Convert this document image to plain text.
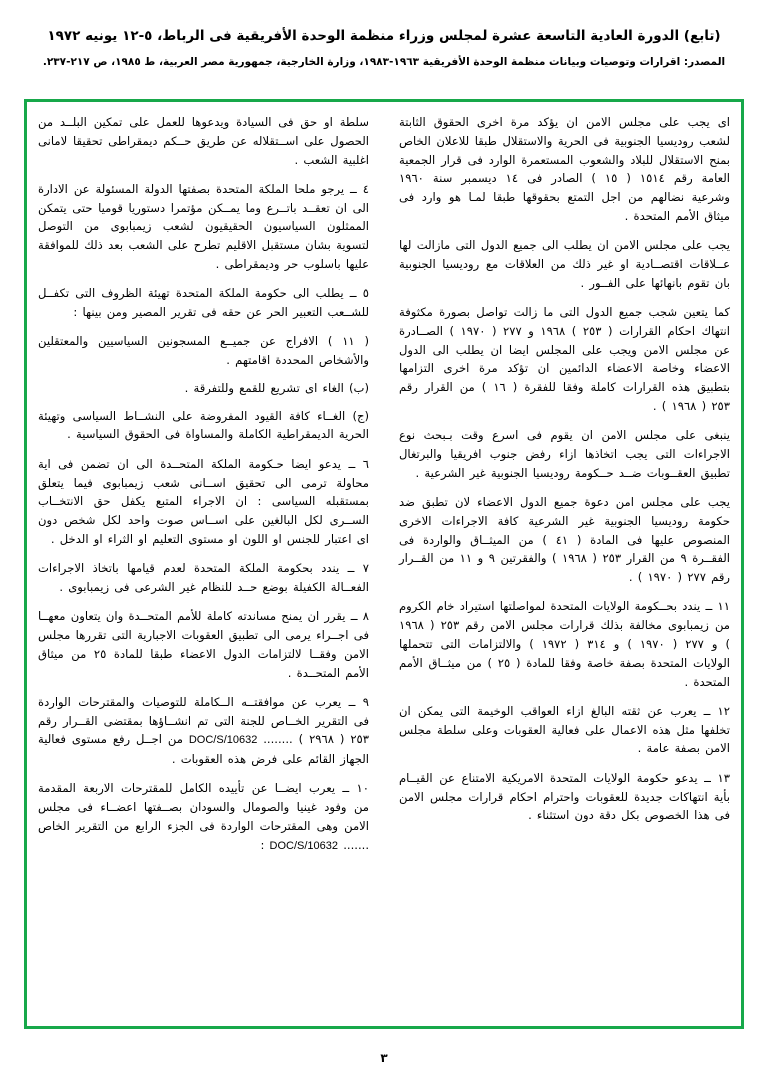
(تابع) الدورة العادية التاسعة عشرة لمجلس وزراء منظمة الوحدة الأفريقية فى الرباط، ٥-١٢ يونيه ١٩٧٢
المصدر: اقرارات وتوصيات وبيانات منظمة الوحدة الأفريقية ١٩٦٣-١٩٨٣، وزارة الخارجية، جمهورية مصر العربية، ط ١٩٨٥، ص ٢١٧-٢٣٧.
اى يجب على مجلس الامن ان يؤكد مرة اخرى الحقوق الثابتة لشعب روديسيا الجنوبية فى الحرية والاستقلال طبقا للاعلان الخاص بمنح الاستقلال للبلاد والشعوب المستعمرة الوارد فى قرار الجمعية العامة رقم ١٥١٤ ( ١٥ ) الصادر فى ١٤ ديسمبر سنة ١٩٦٠ وشرعية نضالهم من اجل التمتع بحقوقها طبقا لمـا هو وارد فى ميثاق الأمم المتحدة .
يجب على مجلس الامن ان يطلب الى جميع الدول التى مازالت لها عــلاقات اقتصــادية او غير ذلك من العلاقات مع روديسيا الجنوبية بان تقوم بانهائها على الفــور .
كما يتعين شجب جميع الدول التى ما زالت تواصل بصورة مكثوفة انتهاك احكام القرارات ( ٢٥٣ ) ١٩٦٨ و ٢٧٧ ( ١٩٧٠ ) الصــادرة عن مجلس الامن ويجب على المجلس ايضا ان يطلب الى الدول الاعضاء وخاصة الاعضاء الدائمين ان تؤكد مرة اخرى التزامها بتطبيق هذه القرارات كاملة وفقا للفقرة ( ١٦ ) من القرار رقم ٢٥٣ ( ١٩٦٨ ) .
ينبغى على مجلس الامن ان يقوم فى اسرع وقت بـبحث نوع الاجراءات التى يجب اتخاذها ازاء رفض جنوب افريقيا والبرتغال تطبيق العقــوبات ضــد حــكومة روديسيا الجنوبية غير الشرعية .
يجب على مجلس امن دعوة جميع الدول الاعضاء لان تطبق ضد حكومة روديسيا الجنوبية غير الشرعية كافة الاجراءات الاخرى المنصوص عليها فى المادة ( ٤١ ) من الميثــاق والواردة فى الفقــرة ٩ من القرار ٢٥٣ ( ١٩٦٨ ) والفقرتين ٩ و ١١ من القــرار رقم ٢٧٧ ( ١٩٧٠ ) .
١١ ــ يندد بحــكومة الولايات المتحدة لمواصلتها استيراد خام الكروم من زيمبابوى مخالفة بذلك قرارات مجلس الامن رقم ٢٥٣ ( ١٩٦٨ ) و ٢٧٧ ( ١٩٧٠ ) و ٣١٤ ( ١٩٧٢ ) والالتزامات التى تتحملها الولايات المتحدة بصفة خاصة وفقا للمادة ( ٢٥ ) من ميثــاق الأمم المتحدة .
١٢ ــ يعرب عن ثقته البالغ ازاء العواقب الوخيمة التى يمكن ان تخلفها مثل هذه الاعمال على فعالية العقوبات وعلى سلطة مجلس الامن بصفة عامة .
١٣ ــ يدعو حكومة الولايات المتحدة الامريكية الامتناع عن القيــام بأية انتهاكات جديدة للعقوبات واحترام احكام قرارات مجلس الامن فى هذا الخصوص بكل دقة دون استثناء .
سلطة او حق فى السيادة ويدعوها للعمل على تمكين البلــد من الحصول على اســتقلاله عن طريق حــكم ديمقراطى تحقيقا لامانى اغلبية الشعب .
٤ ــ يرجو ملحا الملكة المتحدة بصفتها الدولة المسئولة عن الادارة الى ان تعقــد باتــرع وما يمــكن مؤتمرا دستوريا قوميا حتى يتمكن الممثلون السياسيون الحقيقيون لشعب زيمبابوى من التوصل لتسوية بشان مستقبل الاقليم تطرح على الشعب بعد ذلك للموافقة عليها باسلوب حر وديمقراطى .
٥ ــ يطلب الى حكومة الملكة المتحدة تهيئة الظروف التى تكفــل للشــعب التعبير الحر عن حقه فى تقرير المصير ومن بينها :
( ١١ ) الافراج عن جميــع المسجونين السياسيين والمعتقلين والأشخاص المحددة اقامتهم .
(ب) الغاء اى تشريع للقمع وللتفرقة .
(ج) الغــاء كافة القيود المفروضة على النشــاط السياسى وتهيئة الحرية الديمقراطية الكاملة والمساواة فى الحقوق السياسية .
٦ ــ يدعو ايضا حـكومة الملكة المتحــدة الى ان تضمن فى اية محاولة ترمى الى تحقيق اســانى شعب زيمبابوى فيما يتعلق بمستقبله السياسى : ان الاجراء المتبع يكفل حق الانتخــاب الســرى لكل البالغين على اســاس صوت واحد لكل شخص دون اى اعتبار للجنس او اللون او مستوى التعليم او الثراء او الدخل .
٧ ــ يندد بحكومة الملكة المتحدة لعدم قيامها باتخاذ الاجراءات الفعــالة الكفيلة بوضع حــد للنظام غير الشرعى فى زيمبابوى .
٨ ــ يقرر ان يمنح مساندته كاملة للأمم المتحــدة وان يتعاون معهــا فى اجــراء يرمى الى تطبيق العقوبات الاجبارية التى تقررها مجلس الامن وفقــا لالتزامات الدول الاعضاء طبقا للمادة ٢٥ من ميثاق الأمم المتحــدة .
٩ ــ يعرب عن موافقتــه الــكاملة للتوصيات والمقترحات الواردة فى التقرير الخــاص للجنة التى تم انشــاؤها بمقتضى القــرار رقم ٢٥٣ ( ٢٩٦٨ ) ........ DOC/S/10632 من اجــل رفع مستوى فعالية الجهاز القائم على فرض هذه العقوبات .
١٠ ــ يعرب ايضــا عن تأييده الكامل للمقترحات الاربعة المقدمة من وفود غينيا والصومال والسودان بصــفتها اعضــاء فى مجلس الامن وهى المقترحات الواردة فى الجزء الرابع من التقرير الخاص ....... DOC/S/10632 :
٣
